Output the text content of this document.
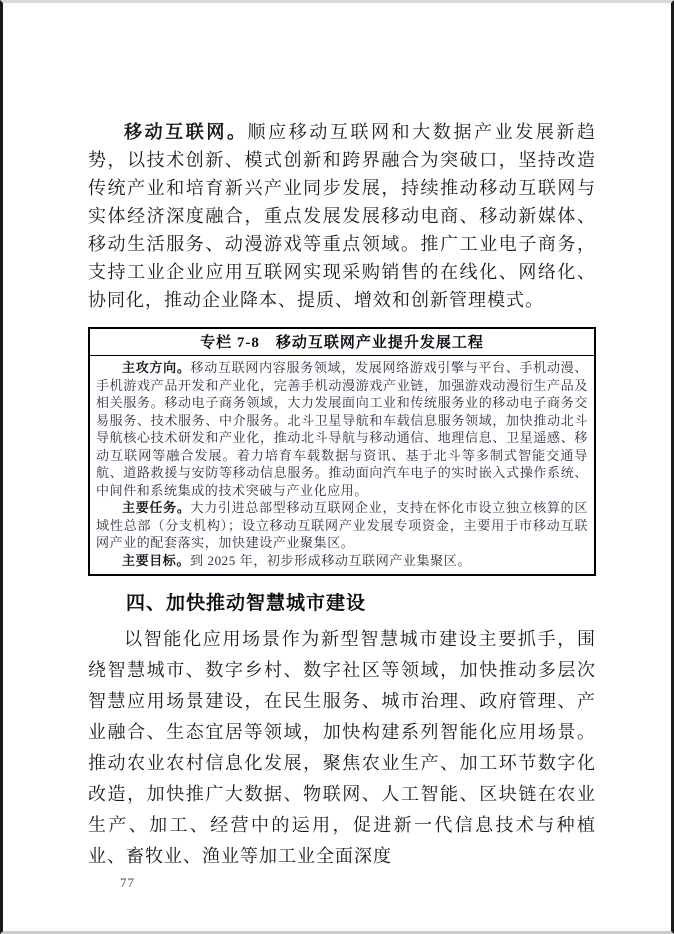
移动互联网。顺应移动互联网和大数据产业发展新趋势，以技术创新、模式创新和跨界融合为突破口，坚持改造传统产业和培育新兴产业同步发展，持续推动移动互联网与实体经济深度融合，重点发展发展移动电商、移动新媒体、移动生活服务、动漫游戏等重点领域。推广工业电子商务，支持工业企业应用互联网实现采购销售的在线化、网络化、协同化，推动企业降本、提质、增效和创新管理模式。

专栏 7-8　移动互联网产业提升发展工程

主攻方向。移动互联网内容服务领域，发展网络游戏引擎与平台、手机动漫、手机游戏产品开发和产业化，完善手机动漫游戏产业链，加强游戏动漫衍生产品及相关服务。移动电子商务领域，大力发展面向工业和传统服务业的移动电子商务交易服务、技术服务、中介服务。北斗卫星导航和车载信息服务领域，加快推动北斗导航核心技术研发和产业化，推动北斗导航与移动通信、地理信息、卫星遥感、移动互联网等融合发展。着力培育车载数据与资讯、基于北斗等多制式智能交通导航、道路救援与安防等移动信息服务。推动面向汽车电子的实时嵌入式操作系统、中间件和系统集成的技术突破与产业化应用。

主要任务。大力引进总部型移动互联网企业，支持在怀化市设立独立核算的区域性总部（分支机构）；设立移动互联网产业发展专项资金，主要用于市移动互联网产业的配套落实，加快建设产业聚集区。

主要目标。到 2025 年，初步形成移动互联网产业集聚区。

四、加快推动智慧城市建设

以智能化应用场景作为新型智慧城市建设主要抓手，围绕智慧城市、数字乡村、数字社区等领域，加快推动多层次智慧应用场景建设，在民生服务、城市治理、政府管理、产业融合、生态宜居等领域，加快构建系列智能化应用场景。推动农业农村信息化发展，聚焦农业生产、加工环节数字化改造，加快推广大数据、物联网、人工智能、区块链在农业生产、加工、经营中的运用，促进新一代信息技术与种植业、畜牧业、渔业等加工业全面深度

77
